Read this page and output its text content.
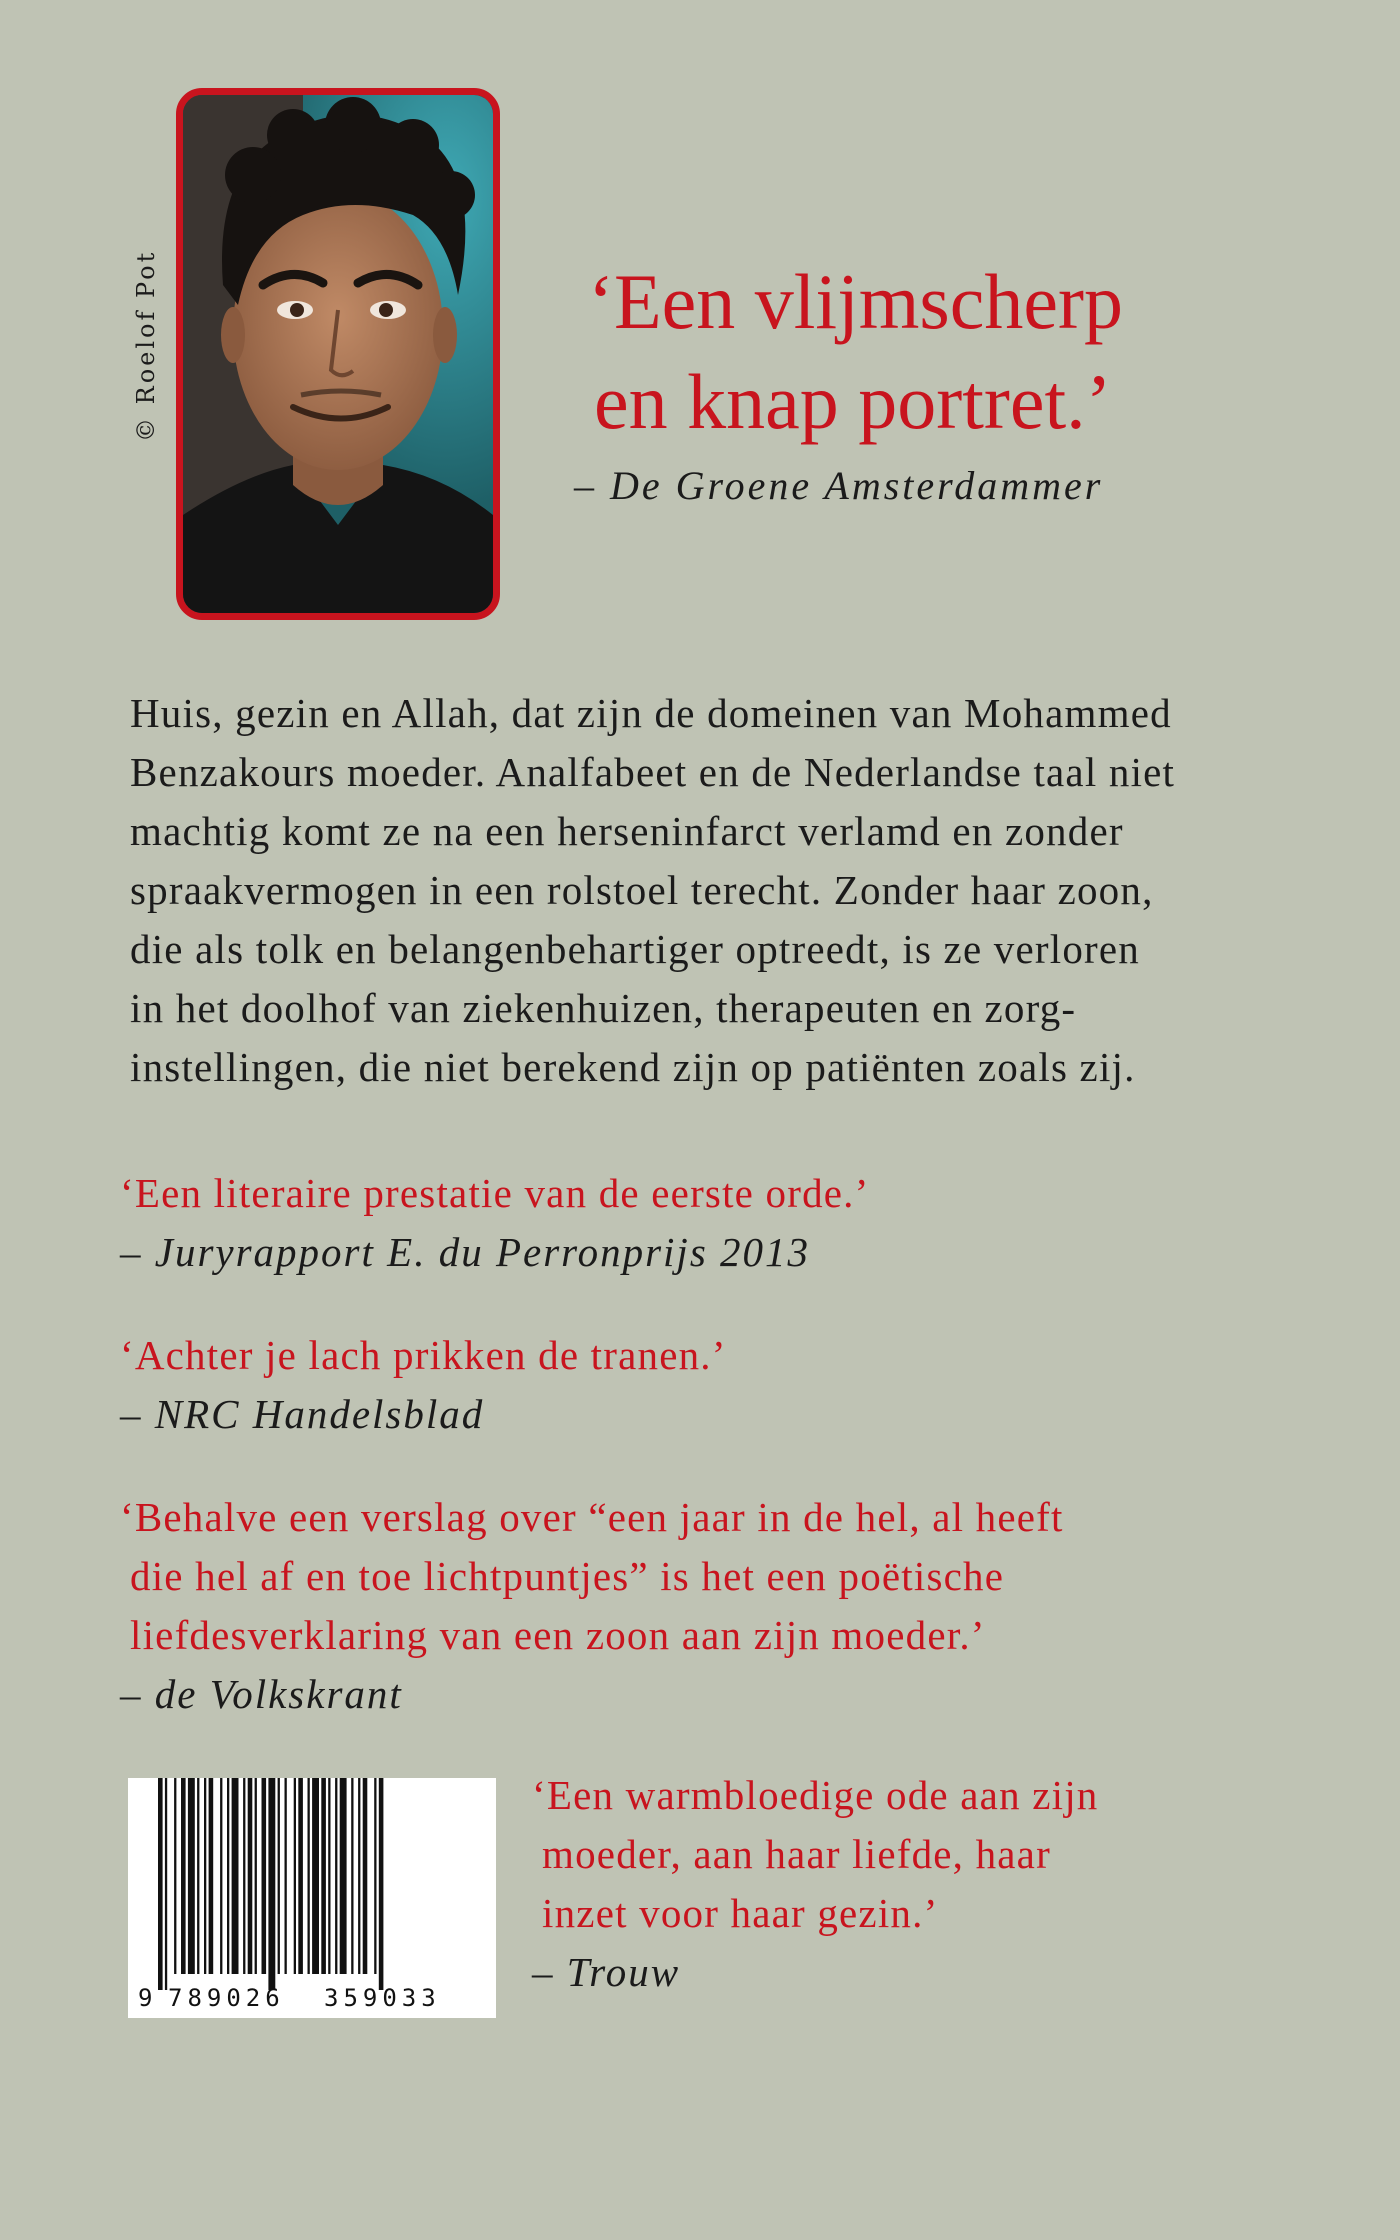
© Roelof Pot	‘Een vlijmscherp
en knap portret.’
– De Groene Amsterdammer
Huis, gezin en Allah, dat zijn de domeinen van Mohammed
Benzakours moeder. Analfabeet en de Nederlandse taal niet
machtig komt ze na een herseninfarct verlamd en zonder
spraakvermogen in een rolstoel terecht. Zonder haar zoon,
die als tolk en belangenbehartiger optreedt, is ze verloren
in het doolhof van ziekenhuizen, therapeuten en zorg-
instellingen, die niet berekend zijn op patiënten zoals zij.
‘Een literaire prestatie van de eerste orde.’
– Juryrapport E. du Perronprijs 2013
‘Achter je lach prikken de tranen.’
– NRC Handelsblad
‘Behalve een verslag over “een jaar in de hel, al heeft
die hel af en toe lichtpuntjes” is het een poëtische
liefdesverklaring van een zoon aan zijn moeder.’
– de Volkskrant
9 789026 359033
‘Een warmbloedige ode aan zijn
moeder, aan haar liefde, haar
inzet voor haar gezin.’
– Trouw
